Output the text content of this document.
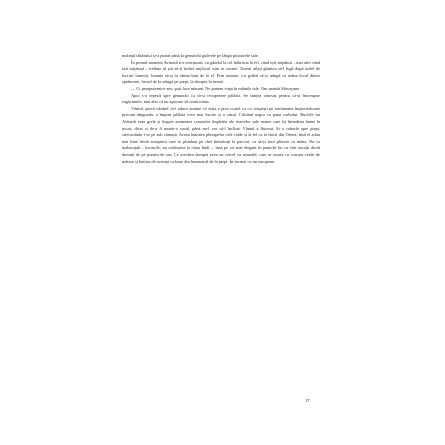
mdonul tânărului și-a purtat până la genunchi gulerele pe lângă picioarele sale.

În primul moment Avinash n-a reacționat, cu gândul la cel îmbrăcat la fel, când ești stăpânul – mai ales când ești stăpânul – trebuie să știi să-ți închei mijlocul cum se cuvine. Tinerii aflați ghinion să-l fugă după astfel de lucruri lumești. Inainte să-și ia rămas-bun de la el. Prin urmare, s-a grăbit să-și atingă cu mâna locul dintre sprâncene, lucrul de la stângă pe piept, la dreapta în inimă.

— O, preaputernice zeu, poți face minuni. Ne punem viața în mâinile tale. Om namah Shivayane.

Apoi s-a repezit spre genunchi ca să-și recupereze pălăria. Se simțea vinovat pentru că-și întrerupse rugăciunile, mai ales că nu apucase să ceară nimic.

Vântul, parcă văzând că-i aduce aminte că viața e prea scurtă ca s-o risipești pe sentimente împovărătoare precum tânguiala, a împins pălăria ceva mai încolo și a căzut. Călcând negru cu pana corbului. Buclele lui Avinash erau grele și bogate asemenea coarnelor împletite ale tinerelor sale mame care își întindeau haine la uscat; chiar și de-a fi numit-o vasul, până nu-l vor să-l înclină. Vântul a fluierat. Și a coborât spre piept, strecurându-i-se pe sub cămașă. Aveau înaintea pleoapelor cele calde și la fel ca la slavii din Orient, însă el arăta mai bine decât europenii care se plimbau pe chei îmbrăcați la parcuri, ca să-și facă plăcere cu mâna. Nu ca maharajah – lucrurile, nu cultivarea la clasa întâi –, însă pe cei mai elegant în pantofii lui cu vârf ascuțit decât domnii de pe puntea de sus. Le urechea dreaptă avea un cercel cu smarald, care se asorta cu cravata verde de mătase și batista de aceeași culoare din buzunarul de la piept. În-tocmai ca un european.

17
